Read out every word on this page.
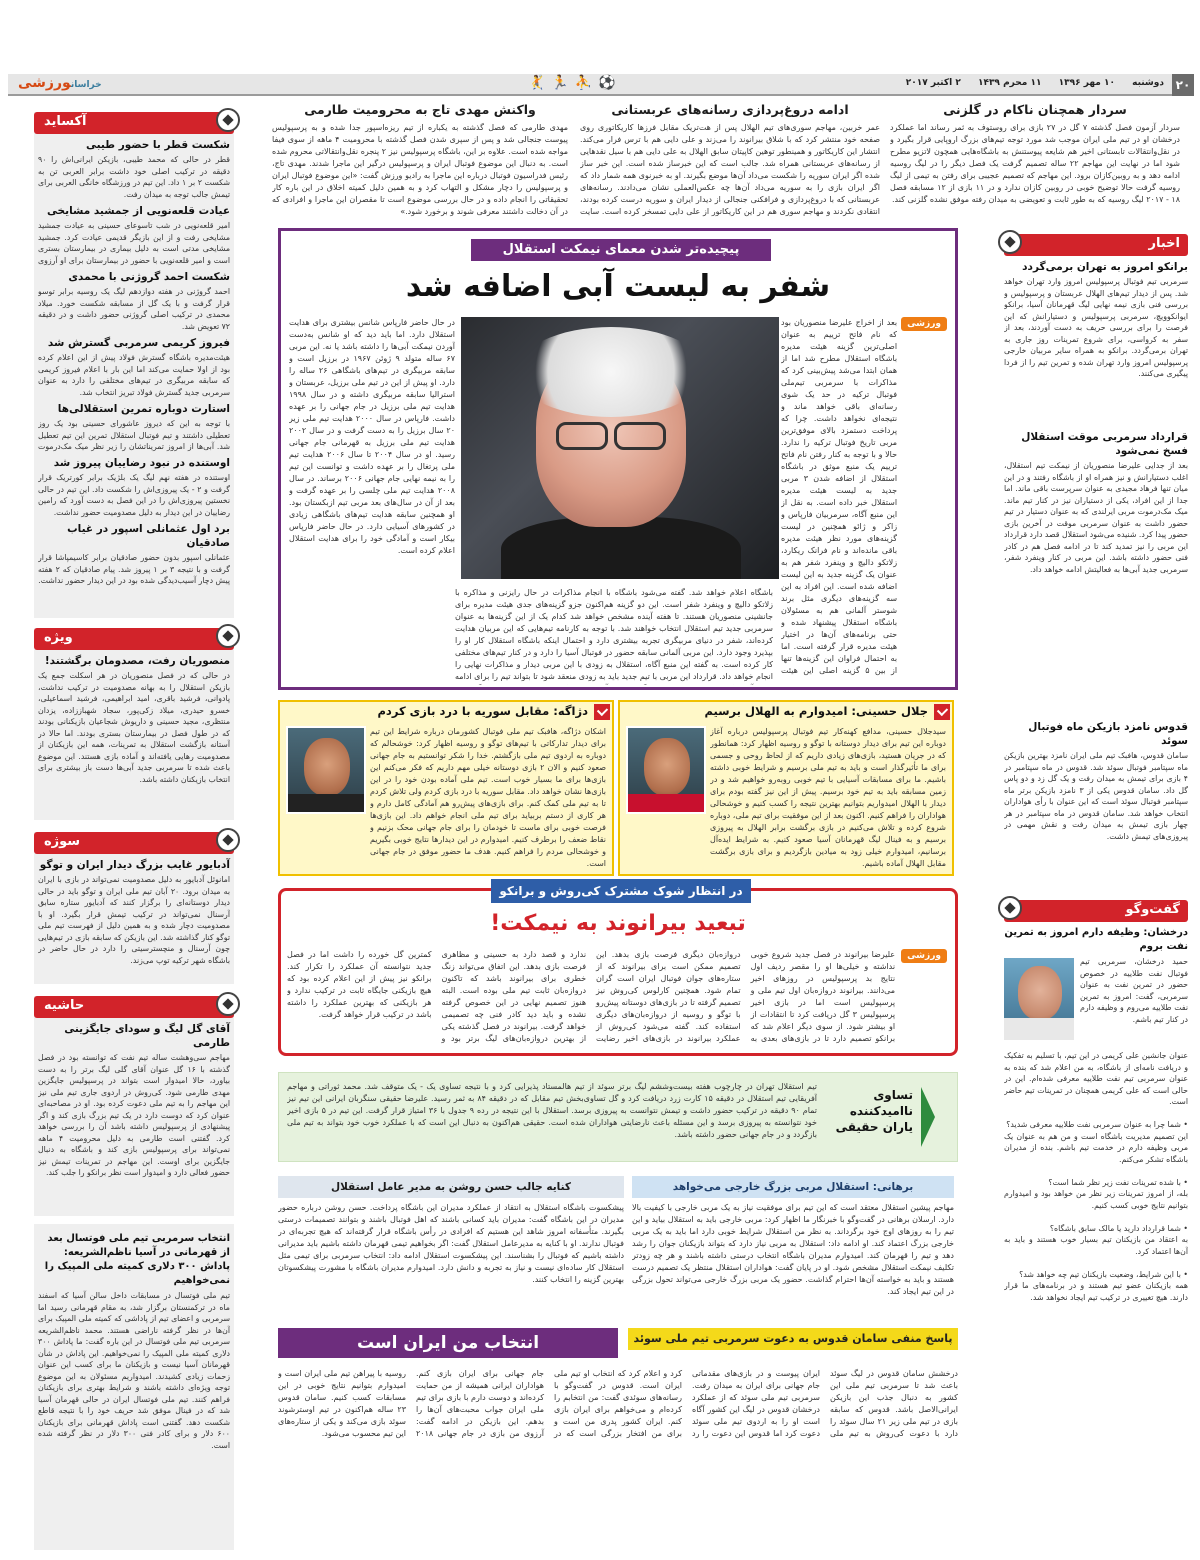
۲۰
دوشنبه ۱۰ مهر ۱۳۹۶ ۱۱ محرم ۱۴۳۹ ۲ اکتبر ۲۰۱۷
⚽⛹🏃🤾
خراسانورزشی
سردار همچنان ناکام در گلزنی
سردار آزمون فصل گذشته ۷ گل در ۲۷ بازی برای روستوف به ثمر رساند اما عملکرد درخشان او در تیم ملی ایران موجب شد مورد توجه تیم‌های بزرگ اروپایی قرار بگیرد و در نقل‌وانتقالات تابستانی اخیر هم شایعه پیوستنش به باشگاه‌هایی همچون لاتزیو مطرح شود اما در نهایت این مهاجم ۲۲ ساله تصمیم گرفت یک فصل دیگر را در لیگ روسیه ادامه دهد و به روبین‌کازان برود. این مهاجم که تصمیم عجیبی برای رفتن به تیمی از لیگ روسیه گرفت حالا توضیح خوبی در روبین کازان ندارد و در ۱۱ بازی از ۱۲ مسابقه فصل ۱۸ - ۲۰۱۷ لیگ روسیه که به طور ثابت و تعویضی به میدان رفته موفق نشده گلزنی کند.
ادامه دروغ‌پردازی رسانه‌های عربستانی
عمر خربین، مهاجم سوری‌های تیم الهلال پس از هت‌تریک مقابل فرزها کاریکاتوری روی صفحه خود منتشر کرد که با شلاق بیرانوند را می‌زند و علی دایی هم با ترس فرار می‌کند. انتشار این کاریکاتور و همینطور توهین کاپیتان سابق الهلال به علی دایی هم با سیل نقدهایی از رسانه‌های عربستانی همراه شد. جالب است که این خبرساز شده است. این خبر ساز شده اگر ایران سوریه را شکست می‌داد آن‌ها موضع بگیرند. او به خبرنوی همه شمار داد که اگر ایران بازی را به سوریه می‌داد آن‌ها چه عکس‌العملی نشان می‌دادند. رسانه‌های عربستانی که با دروغ‌پردازی و فرافکنی جنجالی از دیدار ایران و سوریه درست کرده بودند، انتقادی نکردند و مهاجم سوری هم در این کاریکاتور از علی دایی تمسخر کرده است. سایت
واکنش مهدی تاج به محرومیت طارمی
مهدی طارمی که فصل گذشته به یکباره از تیم ریزه‌اسپور جدا شده و به پرسپولیس پیوست جنجالی شد و پس از سپری شدن فصل گذشته با محرومیت ۴ ماهه از سوی فیفا مواجه شده است. علاوه بر این، باشگاه پرسپولیس نیز ۲ پنجره نقل‌وانتقالاتی محروم شده است. به دنبال این موضوع فوتبال ایران و پرسپولیس درگیر این ماجرا شدند. مهدی تاج، رئیس فدراسیون فوتبال درباره این ماجرا به رادیو ورزش گفت: «این موضوع فوتبال ایران و پرسپولیس را دچار مشکل و التهاب کرد و به همین دلیل کمیته اخلاق در این باره کار تحقیقاتی را انجام داده و در حال بررسی موضوع است تا مقصران این ماجرا و افرادی که در آن دخالت داشتند معرفی شوند و برخورد شود.»
اخبار
برانکو امروز به تهران برمی‌گردد
سرمربی تیم فوتبال پرسپولیس امروز وارد تهران خواهد شد. پس از دیدار تیم‌های الهلال عربستان و پرسپولیس و بررسی فنی بازی نیمه نهایی لیگ قهرمانان آسیا، برانکو ایوانکوویچ، سرمربی پرسپولیس و دستیارانش که این فرصت را برای بررسی حریف به دست آوردند، بعد از سفر به کرواسی، برای شروع تمرینات روز جاری به تهران برمی‌گردد. برانکو به همراه سایر مربیان خارجی پرسپولیس امروز وارد تهران شده و تمرین تیم را از فردا پیگیری می‌کنند.
قرارداد سرمربی موقت استقلال فسخ نمی‌شود
بعد از جدایی علیرضا منصوریان از نیمکت تیم استقلال، اغلب دستیارانش و نیز همراه او از باشگاه رفتند و در این میان تنها فرهاد مجیدی به عنوان سرپرست باقی ماند. اما جدا از این افراد، یکی از دستیاران نیز در کنار تیم ماند. میک مک‌درموت مربی ایرلندی که به عنوان دستیار در تیم حضور داشت به عنوان سرمربی موقت در آخرین بازی حضور پیدا کرد. شنیده می‌شود استقلال قصد دارد قرارداد این مربی را نیز تمدید کند تا در ادامه فصل هم در کادر فنی حضور داشته باشد. این مربی در کنار وینفرد شفر، سرمربی جدید آبی‌ها به فعالیتش ادامه خواهد داد.
قدوس نامزد بازیکن ماه فوتبال سوئد
سامان قدوس، هافبک تیم ملی ایران نامزد بهترین بازیکن ماه سپتامبر فوتبال سوئد شد. قدوس در ماه سپتامبر در ۴ بازی برای تیمش به میدان رفت و یک گل زد و دو پاس گل داد. سامان قدوس یکی از ۳ نامزد بازیکن برتر ماه سپتامبر فوتبال سوئد است که این عنوان با رأی هواداران انتخاب خواهد شد. سامان قدوس در ماه سپتامبر در هر چهار بازی تیمش به میدان رفت و نقش مهمی در پیروزی‌های تیمش داشت.
گفت‌وگو
درخشان: وظیفه دارم امروز به تمرین نفت بروم
حمید درخشان، سرمربی تیم فوتبال نفت طلاییه در خصوص حضور در تمرین نفت به عنوان سرمربی، گفت: امروز به تمرین نفت طلاییه می‌روم و وظیفه دارم در کنار تیم باشم.
عنوان جانشین علی کریمی در این تیم، با تسلیم به تفکیک و دریافت نامه‌ای از باشگاه، به من اعلام شد که بنده به عنوان سرمربی تیم نفت طلاییه معرفی شده‌ام. این در حالی است که علی کریمی همچنان در تمرینات تیم حاضر است.

• شما چرا به عنوان سرمربی نفت طلاییه معرفی شدید؟
این تصمیم مدیریت باشگاه است و من هم به عنوان یک مربی وظیفه دارم در خدمت تیم باشم. بنده از مدیران باشگاه تشکر می‌کنم.

• با شده تمرینات نفت زیر نظر شما است؟
بله، از امروز تمرینات زیر نظر من خواهد بود و امیدوارم بتوانیم نتایج خوبی کسب کنیم.

• شما قرارداد دارید یا مالک سابق باشگاه؟
به اعتقاد من بازیکنان تیم بسیار خوب هستند و باید به آن‌ها اعتماد کرد.

• با این شرایط، وضعیت بازیکنان تیم چه خواهد شد؟
همه بازیکنان عضو تیم هستند و در برنامه‌های ما قرار دارند. هیچ تغییری در ترکیب تیم ایجاد نخواهد شد.
آکساید
شکست قطر با حضور طیبی
قطر در حالی که محمد طیبی، بازیکن ایرانی‌اش را ۹۰ دقیقه در ترکیب اصلی خود داشت برابر العربی تن به شکست ۲ بر ۱ داد. این تیم در ورزشگاه خانگی العربی برای تیمش جالب توجه به میدان رفت.
عیادت قلعه‌نویی از جمشید مشایخی
امیر قلعه‌نویی در شب تاسوعای حسینی به عیادت جمشید مشایخی رفت و از این بازیگر قدیمی عیادت کرد. جمشید مشایخی مدتی است به دلیل بیماری در بیمارستان بستری است و امیر قلعه‌نویی با حضور در بیمارستان برای او آرزوی
شکست احمد گروژنی با محمدی
احمد گروژنی در هفته دوازدهم لیگ یک روسیه برابر توسو قرار گرفت و با یک گل از مسابقه شکست خورد. میلاد محمدی در ترکیب اصلی گروژنی حضور داشت و در دقیقه ۷۲ تعویض شد.
فیروز کریمی سرمربی گسترش شد
هیئت‌مدیره باشگاه گسترش فولاد پیش از این اعلام کرده بود از اولا حمایت می‌کند اما این بار با اعلام فیروز کریمی که سابقه مربیگری در تیم‌های مختلفی را دارد به عنوان سرمربی جدید گسترش فولاد تبریز انتخاب شد.
استارت دوباره تمرین استقلالی‌ها
با توجه به این که دیروز عاشورای حسینی بود یک روز تعطیلی داشتند و تیم فوتبال استقلال تمرین این تیم تعطیل شد. آبی‌ها از امروز تمریناتشان را زیر نظر میک مک‌درموت
اوستنده در نبود رضاییان پیروز شد
اوستنده در هفته نهم لیگ یک بلژیک برابر کورتریک قرار گرفت و ۲ - یک پیروزی‌اش را شکست داد. این تیم در حالی نخستین پیروزی‌اش را در این فصل به دست آورد که رامین رضاییان در این دیدار به دلیل مصدومیت حضور نداشت.
برد اول عثمانلی اسپور در غیاب صادقیان
عثمانلی اسپور بدون حضور صادقیان برابر کاسیمپاشا قرار گرفت و با نتیجه ۳ بر ۱ پیروز شد. پیام صادقیان که ۲ هفته پیش دچار آسیب‌دیدگی شده بود در این دیدار حضور نداشت.
ویژه
منصوریان رفت، مصدومان برگشتند!
در حالی که در فصل منصوریان در هر اسکلت جمع یک بازیکن استقلال را به بهانه مصدومیت در ترکیب نداشت، پادوانی، فرشید باقری، امید ابراهیمی، فرشید اسماعیلی، خسرو حیدری، میلاد زکی‌پور، سجاد شهباززاده، یزدان منتظری، مجید حسینی و داریوش شجاعیان بازیکنانی بودند که در طول فصل در بیمارستان بستری بودند. اما حالا در آستانه بازگشت استقلال به تمرینات، همه این بازیکنان از مصدومیت رهایی یافته‌اند و آماده بازی هستند. این موضوع باعث شده تا سرمربی جدید آبی‌ها دست باز بیشتری برای انتخاب بازیکنان داشته باشد.
سوژه
آدبایور غایب بزرگ دیدار ایران و توگو
امانوئل آدبایور به دلیل مصدومیت نمی‌تواند در بازی با ایران به میدان برود. ۲۰ آبان تیم ملی ایران و توگو باید در حالی دیدار دوستانه‌ای را برگزار کنند که آدبایور ستاره سابق آرسنال نمی‌تواند در ترکیب تیمش قرار بگیرد. او با مصدومیت دچار شده و به همین دلیل از فهرست تیم ملی توگو کنار گذاشته شد. این بازیکن که سابقه بازی در تیم‌هایی چون آرسنال و منچسترسیتی را دارد در حال حاضر در باشگاه شهر ترکیه توپ می‌زند.
حاشیه
آقای گل لیگ و سودای جایگزینی طارمی
مهاجم سی‌وهشت ساله تیم نفت که توانسته بود در فصل گذشته با ۱۶ گل عنوان آقای گلی لیگ برتر را به دست بیاورد، حالا امیدوار است بتواند در پرسپولیس جایگزین مهدی طارمی شود. کی‌روش در اردوی جاری تیم ملی نیز این مهاجم را به تیم ملی دعوت کرده بود. او در مصاحبه‌ای عنوان کرد که دوست دارد در یک تیم بزرگ بازی کند و اگر پیشنهادی از پرسپولیس داشته باشد آن را بررسی خواهد کرد. گفتنی است طارمی به دلیل محرومیت ۴ ماهه نمی‌تواند برای پرسپولیس بازی کند و باشگاه به دنبال جایگزین برای اوست. این مهاجم در تمرینات تیمش نیز حضور فعالی دارد و امیدوار است نظر برانکو را جلب کند.
انتخاب سرمربی تیم ملی فوتسال بعد از قهرمانی در آسیا ناظم‌الشریعه: پاداش ۳۰۰ دلاری کمیته ملی المپیک را نمی‌خواهیم
تیم ملی فوتسال در مسابقات داخل سالن آسیا که اسفند ماه در ترکمنستان برگزار شد، به مقام قهرمانی رسید اما سرمربی و اعضای تیم از پاداشی که کمیته ملی المپیک برای آن‌ها در نظر گرفته ناراضی هستند. محمد ناظم‌الشریعه سرمربی تیم ملی فوتسال در این باره گفت: ما پاداش ۳۰۰ دلاری کمیته ملی المپیک را نمی‌خواهیم. این پاداش در شأن قهرمانان آسیا نیست و بازیکنان ما برای کسب این عنوان زحمات زیادی کشیدند. امیدواریم مسئولان به این موضوع توجه ویژه‌ای داشته باشند و شرایط بهتری برای بازیکنان فراهم کنند. تیم ملی فوتسال ایران در حالی قهرمان آسیا شد که در فینال موفق شد حریف خود را با نتیجه قاطع شکست دهد. گفتنی است پاداش قهرمانی برای بازیکنان ۶۰۰ دلار و برای کادر فنی ۳۰۰ دلار در نظر گرفته شده است.
پیچیده‌تر شدن معمای نیمکت استقلال
شفر به لیست آبی اضافه شد
ورزشی
بعد از اخراج علیرضا منصوریان بود که نام فاتح ترییم به عنوان اصلی‌ترین گزینه هیئت مدیره باشگاه استقلال مطرح شد اما از همان ابتدا می‌شد پیش‌بینی کرد که مذاکرات با سرمربی تیم‌ملی فوتبال ترکیه در حد یک شوی رسانه‌ای باقی خواهد ماند و نتیجه‌ای نخواهد داشت. چرا که پرداخت دستمزد بالای موفق‌ترین مربی تاریخ فوتبال ترکیه را ندارد. حالا و با توجه به کنار رفتن نام فاتح ترییم یک منبع موثق در باشگاه استقلال از اضافه شدن ۳ مربی جدید به لیست هیئت مدیره استقلال خبر داده است. به نقل از این منبع آگاه، سرمربیان فارپاس و زاکر و ژائو همچنین در لیست گزینه‌های مورد نظر هیئت مدیره باقی مانده‌اند و نام فرانک ریکارد، زلاتکو دالیچ و وینفرد شفر هم به عنوان یک گزینه جدید به این لیست اضافه شده است. این افراد به این سه گزینه‌های دیگری مثل برند شوستر آلمانی هم به مسئولان باشگاه استقلال پیشنهاد شده و حتی برنامه‌های آن‌ها در اختیار هیئت مدیره قرار گرفته است. اما به احتمال فراوان این گزینه‌ها تنها از بین ۵ گزینه اصلی این هیئت
باشگاه اعلام خواهد شد. گفته می‌شود باشگاه با انجام مذاکرات در حال رایزنی و مذاکره با زلاتکو دالیچ و وینفرد شفر است. این دو گزینه هم‌اکنون جزو گزینه‌های جدی هیئت مدیره برای جانشینی منصوریان هستند. تا هفته آینده مشخص خواهد شد کدام یک از این گزینه‌ها به عنوان سرمربی جدید تیم استقلال انتخاب خواهند شد. با توجه به کارنامه تیم‌هایی که این مربیان هدایت کرده‌اند، شفر در دنیای مربیگری تجربه بیشتری دارد و احتمال اینکه باشگاه استقلال کار او را بپذیرد وجود دارد. این مربی آلمانی سابقه حضور در فوتبال آسیا را دارد و در کنار تیم‌های مختلفی کار کرده است. به گفته این منبع آگاه، استقلال به زودی با این مربی دیدار و مذاکرات نهایی را انجام خواهد داد. قرارداد این مربی با تیم جدید باید به زودی منعقد شود تا بتواند تیم را برای ادامه
در حال حاضر فارپاس شانس بیشتری برای هدایت استقلال دارد. اما باید دید که او شانس به‌دست آوردن نیمکت آبی‌ها را داشته باشد یا نه. این مربی ۶۷ ساله متولد ۹ ژوئن ۱۹۶۷ در برزیل است و سابقه مربیگری در تیم‌های باشگاهی ۲۶ ساله را دارد. او پیش از این در تیم ملی برزیل، عربستان و استرالیا سابقه مربیگری داشته و در سال ۱۹۹۸ هدایت تیم ملی برزیل در جام جهانی را بر عهده داشت. فارپاس در سال ۲۰۰۰ هدایت تیم ملی زیر ۲۰ سال برزیل را به دست گرفت و در سال ۲۰۰۲ هدایت تیم ملی برزیل به قهرمانی جام جهانی رسید. او در سال ۲۰۰۴ تا سال ۲۰۰۶ هدایت تیم ملی پرتغال را بر عهده داشت و توانست این تیم را به نیمه نهایی جام جهانی ۲۰۰۶ برساند. در سال ۲۰۰۸ هدایت تیم ملی چلسی را بر عهده گرفت و بعد از آن در سال‌های بعد مربی تیم ازبکستان بود. او همچنین سابقه هدایت تیم‌های باشگاهی زیادی در کشورهای آسیایی دارد. در حال حاضر فارپاس بیکار است و آمادگی خود را برای هدایت استقلال اعلام کرده است.
جلال حسینی: امیدوارم به الهلال برسیم
سیدجلال حسینی، مدافع کهنه‌کار تیم فوتبال پرسپولیس درباره آغاز دوباره این تیم برای دیدار دوستانه با توگو و روسیه اظهار کرد: همانطور که در جریان هستید، بازی‌های زیادی داریم که از لحاظ روحی و جسمی برای ما تأثیرگذار است و باید به تیم ملی برسیم و شرایط خوبی داشته باشیم. ما برای مسابقات آسیایی با تیم خوبی روبه‌رو خواهیم شد و در زمین مسابقه باید به تیم خود برسیم. پیش از این نیز گفته بودم برای دیدار با الهلال امیدواریم بتوانیم بهترین نتیجه را کسب کنیم و خوشحالی هواداران را فراهم کنیم. اکنون بعد از این موفقیت برای تیم ملی، دوباره شروع کرده و تلاش می‌کنیم در بازی برگشت برابر الهلال به پیروزی برسیم و به فینال لیگ قهرمانان آسیا صعود کنیم. به شرایط ایده‌آل برسانیم، امیدوارم خیلی زود به میادین بازگردیم و برای بازی برگشت مقابل الهلال آماده باشیم.
دژاگه: مقابل سوریه با درد بازی کردم
اشکان دژاگه، هافبک تیم ملی فوتبال کشورمان درباره شرایط این تیم برای دیدار تدارکاتی با تیم‌های توگو و روسیه اظهار کرد: خوشحالم که دوباره به اردوی تیم ملی بازگشتم. خدا را شکر توانستیم به جام جهانی صعود کنیم و الان ۲ بازی دوستانه خیلی مهم داریم که فکر می‌کنم این بازی‌ها برای ما بسیار خوب است. تیم ملی آماده بودن خود را در این بازی‌ها نشان خواهد داد. مقابل سوریه با درد بازی کردم ولی تلاش کردم تا به تیم ملی کمک کنم. برای بازی‌های پیش‌رو هم آمادگی کامل دارم و هر کاری از دستم بربیاید برای تیم ملی انجام خواهم داد. این بازی‌ها فرصت خوبی برای ماست تا خودمان را برای جام جهانی محک بزنیم و نقاط ضعف را برطرف کنیم. امیدوارم در این دیدارها نتایج خوبی بگیریم و خوشحالی مردم را فراهم کنیم. هدف ما حضور موفق در جام جهانی است.
در انتظار شوک مشترک کی‌روش و برانکو
تبعید بیرانوند به نیمکت!
ورزشی
علیرضا بیرانوند در فصل جدید شروع خوبی نداشته و خیلی‌ها او را مقصر ردیف اول نتایج بد پرسپولیس در روزهای اخیر می‌دانند. بیرانوند دروازه‌بان اول تیم ملی و پرسپولیس است اما در بازی اخیر پرسپولیس ۳ گل دریافت کرد تا انتقادات از او بیشتر شود. از سوی دیگر اعلام شد که برانکو تصمیم دارد تا در بازی‌های بعدی به دروازه‌بان دیگری فرصت بازی بدهد. این تصمیم ممکن است برای بیرانوند که از ستاره‌های جوان فوتبال ایران است گران تمام شود. همچنین کارلوس کی‌روش نیز تصمیم گرفته تا در بازی‌های دوستانه پیش‌رو با توگو و روسیه از دروازه‌بان‌های دیگری استفاده کند. گفته می‌شود کی‌روش از عملکرد بیرانوند در بازی‌های اخیر رضایت ندارد و قصد دارد به حسینی و مظاهری فرصت بازی بدهد. این اتفاق می‌تواند زنگ خطری برای بیرانوند باشد که تاکنون دروازه‌بان ثابت تیم ملی بوده است. البته هنوز تصمیم نهایی در این خصوص گرفته نشده و باید دید کادر فنی چه تصمیمی خواهد گرفت. بیرانوند در فصل گذشته یکی از بهترین دروازه‌بان‌های لیگ برتر بود و کمترین گل خورده را داشت اما در فصل جدید نتوانسته آن عملکرد را تکرار کند. برانکو نیز پیش از این اعلام کرده بود که هیچ بازیکنی جایگاه ثابت در ترکیب ندارد و هر بازیکنی که بهترین عملکرد را داشته باشد در ترکیب قرار خواهد گرفت.
تساوی ناامیدکننده یاران حقیقی
تیم استقلال تهران در چارچوب هفته بیست‌وششم لیگ برتر سوئد از تیم هالمستاد پذیرایی کرد و با نتیجه تساوی یک - یک متوقف شد. محمد ثوراتی و مهاجم آفریقایی تیم استقلال در دقیقه ۱۵ کارت زرد دریافت کرد و گل تساوی‌بخش تیم مقابل که در دقیقه ۸۴ به ثمر رسید. علیرضا حقیقی سنگربان ایرانی این تیم نیز تمام ۹۰ دقیقه در ترکیب حضور داشت و تیمش نتوانست به پیروزی برسد. استقلال با این نتیجه در رده ۹ جدول با ۳۶ امتیاز قرار گرفت. این تیم در ۵ بازی اخیر خود نتوانسته به پیروزی برسد و این مسئله باعث نارضایتی هواداران شده است. حقیقی هم‌اکنون به دنبال این است که با عملکرد خوب خود بتواند به تیم ملی بازگردد و در جام جهانی حضور داشته باشد.
برهانی: استقلال مربی بزرگ خارجی می‌خواهد
مهاجم پیشین استقلال معتقد است که این تیم برای موفقیت نیاز به یک مربی خارجی با کیفیت بالا دارد. ارسلان برهانی در گفت‌وگو با خبرنگار ما اظهار کرد: مربی خارجی باید به استقلال بیاید و این تیم را به روزهای اوج خود برگرداند. به نظر من استقلال شرایط خوبی دارد اما باید به یک مربی خارجی بزرگ اعتماد کند. او ادامه داد: استقلال به مربی نیاز دارد که بتواند بازیکنان جوان را رشد دهد و تیم را قهرمان کند. امیدوارم مدیران باشگاه انتخاب درستی داشته باشند و هر چه زودتر تکلیف نیمکت استقلال مشخص شود. او در پایان گفت: هواداران استقلال منتظر یک تصمیم درست هستند و باید به خواسته آن‌ها احترام گذاشت. حضور یک مربی بزرگ خارجی می‌تواند تحول بزرگی در این تیم ایجاد کند.
کنایه جالب حسن روشن به مدیر عامل استقلال
پیشکسوت باشگاه استقلال به انتقاد از عملکرد مدیران این باشگاه پرداخت. حسن روشن درباره حضور مدیران در این باشگاه گفت: مدیران باید کسانی باشند که اهل فوتبال باشند و بتوانند تصمیمات درستی بگیرند. متأسفانه امروز شاهد این هستیم که افرادی در رأس باشگاه قرار گرفته‌اند که هیچ تجربه‌ای در فوتبال ندارند. او با کنایه به مدیرعامل استقلال گفت: اگر بخواهیم تیمی قهرمان داشته باشیم باید مدیرانی داشته باشیم که فوتبال را بشناسند. این پیشکسوت استقلال ادامه داد: انتخاب سرمربی برای تیمی مثل استقلال کار ساده‌ای نیست و نیاز به تجربه و دانش دارد. امیدوارم مدیران باشگاه با مشورت پیشکسوتان بهترین گزینه را انتخاب کنند.
پاسخ منفی سامان قدوس به دعوت سرمربی تیم ملی سوئد
انتخاب من ایران است
درخشش سامان قدوس در لیگ سوئد باعث شد تا سرمربی تیم ملی این کشور به دنبال جذب این بازیکن ایرانی‌الاصل باشد. قدوس که سابقه بازی در تیم ملی زیر ۲۱ سال سوئد را دارد با دعوت کی‌روش به تیم ملی ایران پیوست و در بازی‌های مقدماتی جام جهانی برای ایران به میدان رفت. سرمربی تیم ملی سوئد که از عملکرد درخشان قدوس در لیگ این کشور آگاه است او را به اردوی تیم ملی سوئد دعوت کرد اما قدوس این دعوت را رد کرد و اعلام کرد که انتخاب او تیم ملی ایران است. قدوس در گفت‌وگو با رسانه‌های سوئدی گفت: من انتخابم را کرده‌ام و می‌خواهم برای ایران بازی کنم. ایران کشور پدری من است و برای من افتخار بزرگی است که در جام جهانی برای ایران بازی کنم. هواداران ایرانی همیشه از من حمایت کرده‌اند و دوست دارم با بازی برای تیم ملی ایران جواب محبت‌های آن‌ها را بدهم. این بازیکن در ادامه گفت: آرزوی من بازی در جام جهانی ۲۰۱۸ روسیه با پیراهن تیم ملی ایران است و امیدوارم بتوانیم نتایج خوبی در این مسابقات کسب کنیم. سامان قدوس ۲۳ ساله هم‌اکنون در تیم اوسترشوند سوئد بازی می‌کند و یکی از ستاره‌های این تیم محسوب می‌شود.
